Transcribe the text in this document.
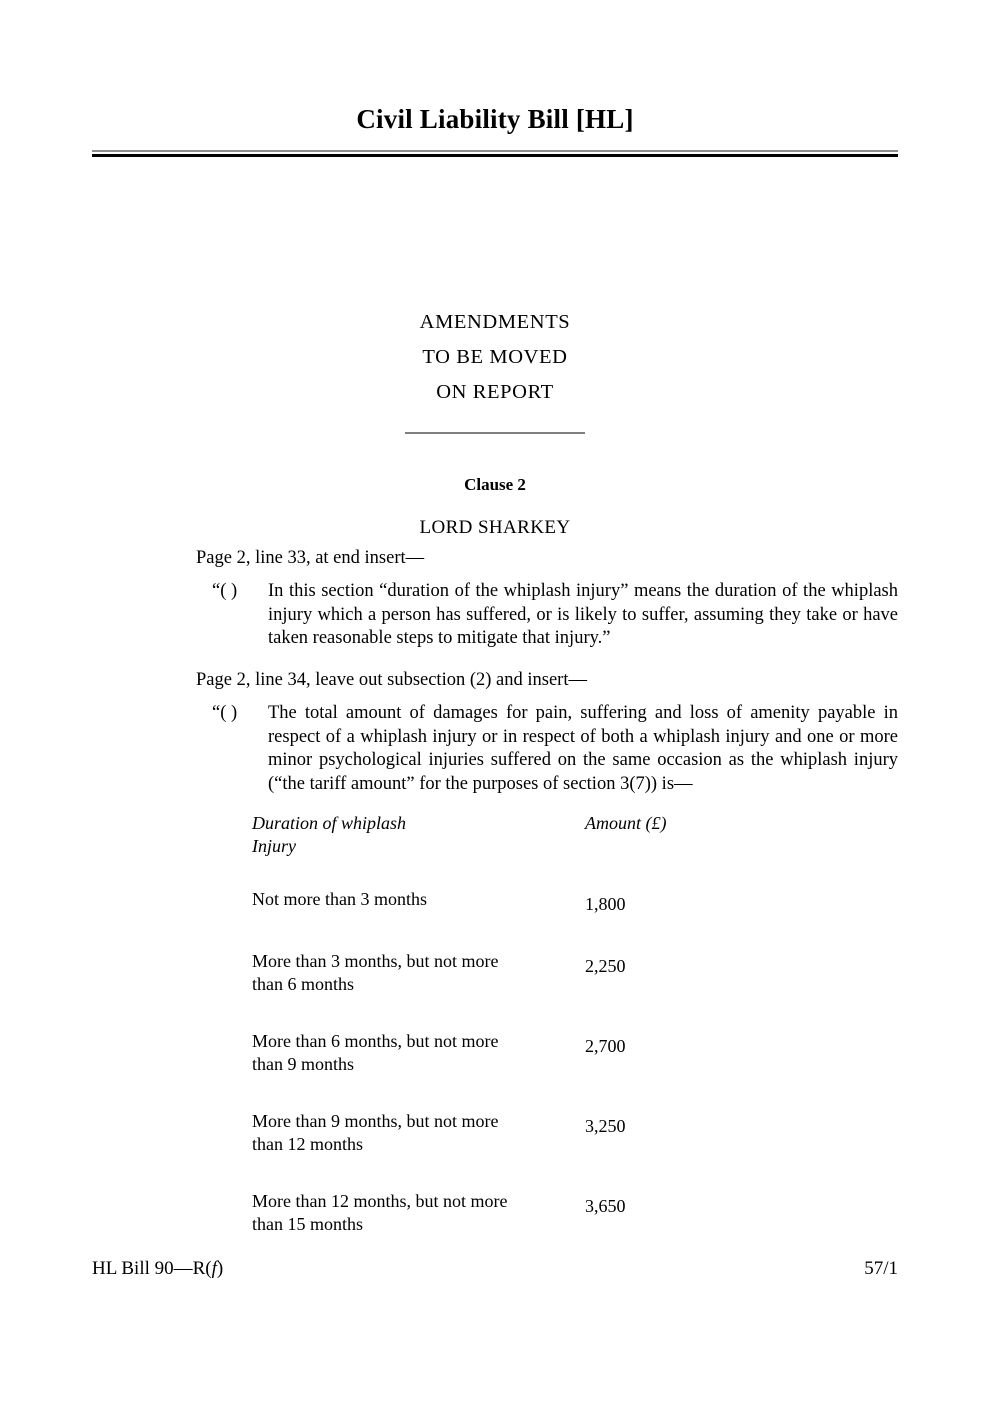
Civil Liability Bill [HL]
AMENDMENTS
TO BE MOVED
ON REPORT
Clause 2
LORD SHARKEY

Page 2, line 33, at end insert—

“( )	In this section “duration of the whiplash injury” means the duration of the whiplash injury which a person has suffered, or is likely to suffer, assuming they take or have taken reasonable steps to mitigate that injury.”

Page 2, line 34, leave out subsection (2) and insert—

“( )	The total amount of damages for pain, suffering and loss of amenity payable in respect of a whiplash injury or in respect of both a whiplash injury and one or more minor psychological injuries suffered on the same occasion as the whiplash injury (“the tariff amount” for the purposes of section 3(7)) is—
Duration of whiplash
Injury	Amount (£)

Not more than 3 months	1,800

More than 3 months, but not more
than 6 months	2,250

More than 6 months, but not more
than 9 months	2,700

More than 9 months, but not more
than 12 months	3,250

More than 12 months, but not more
than 15 months	3,650
HL Bill 90—R(f)	57/1
